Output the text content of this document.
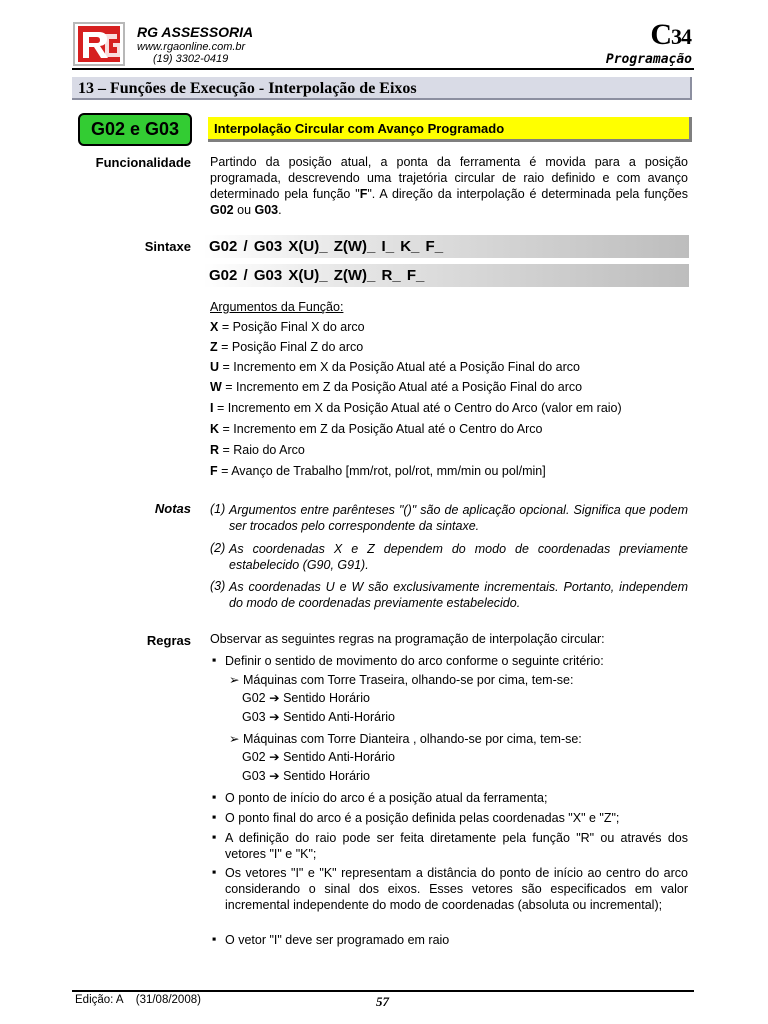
RG ASSESSORIA
www.rgaonline.com.br
(19) 3302-0419
C34
Programação
13 – Funções de Execução - Interpolação de Eixos
G02 e G03	Interpolação Circular com Avanço Programado
Funcionalidade Partindo da posição atual, a ponta da ferramenta é movida para a posição programada, descrevendo uma trajetória circular de raio definido e com avanço determinado pela função "F". A direção da interpolação é determinada pela funções G02 ou G03.
Sintaxe G02 / G03 X(U)_ Z(W)_ I_ K_ F_
G02 / G03 X(U)_ Z(W)_ R_ F_
Argumentos da Função:
X = Posição Final X do arco
Z = Posição Final Z do arco
U = Incremento em X da Posição Atual até a Posição Final do arco
W = Incremento em Z da Posição Atual até a Posição Final do arco
I = Incremento em X da Posição Atual até o Centro do Arco (valor em raio)
K = Incremento em Z da Posição Atual até o Centro do Arco
R = Raio do Arco
F = Avanço de Trabalho [mm/rot, pol/rot, mm/min ou pol/min]
Notas (1) Argumentos entre parênteses "()" são de aplicação opcional. Significa que podem ser trocados pelo correspondente da sintaxe.
(2) As coordenadas X e Z dependem do modo de coordenadas previamente estabelecido (G90, G91).
(3) As coordenadas U e W são exclusivamente incrementais. Portanto, independem do modo de coordenadas previamente estabelecido.
Regras Observar as seguintes regras na programação de interpolação circular:
▪ Definir o sentido de movimento do arco conforme o seguinte critério:
➢ Máquinas com Torre Traseira, olhando-se por cima, tem-se:
G02 ➔ Sentido Horário
G03 ➔ Sentido Anti-Horário
➢ Máquinas com Torre Dianteira , olhando-se por cima, tem-se:
G02 ➔ Sentido Anti-Horário
G03 ➔ Sentido Horário
▪ O ponto de início do arco é a posição atual da ferramenta;
▪ O ponto final do arco é a posição definida pelas coordenadas "X" e "Z";
▪ A definição do raio pode ser feita diretamente pela função "R" ou através dos vetores "I" e "K";
▪ Os vetores "I" e "K" representam a distância do ponto de início ao centro do arco considerando o sinal dos eixos. Esses vetores são especificados em valor incremental independente do modo de coordenadas (absoluta ou incremental);
▪ O vetor "I" deve ser programado em raio
Edição: A    (31/08/2008)	57
